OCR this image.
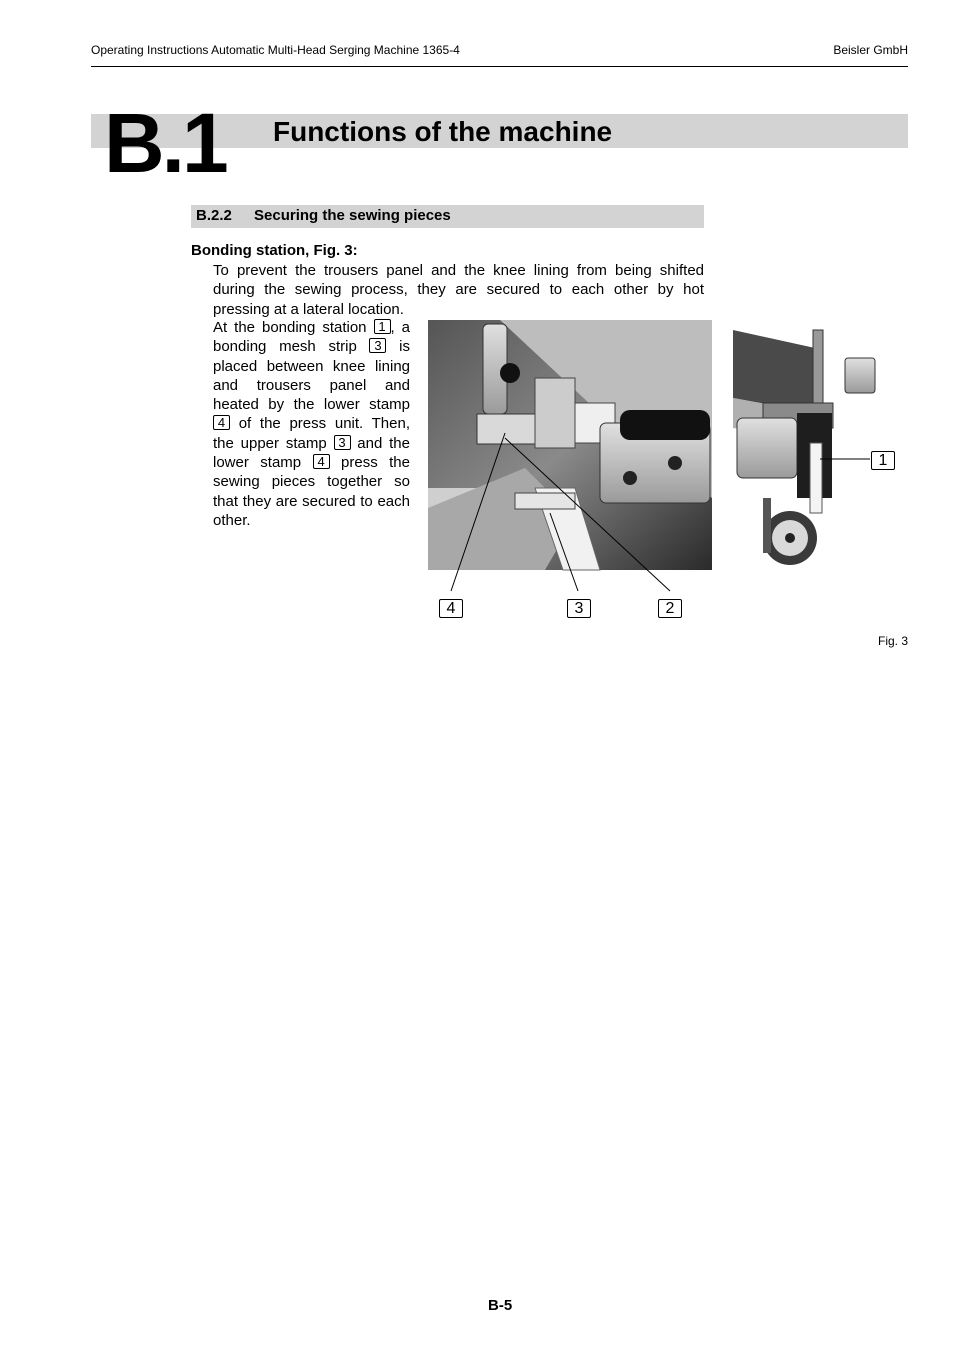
Operating Instructions Automatic Multi-Head Serging Machine 1365-4	Beisler GmbH
B.1 Functions of the machine
B.2.2 Securing the sewing pieces
Bonding station, Fig. 3:

To prevent the trousers panel and the knee lining from being shifted during the sewing process, they are secured to each other by hot pressing at a lateral location.

At the bonding station 1 , a bonding mesh strip 3 is placed between knee lining and trousers panel and heated by the lower stamp 4 of the press unit. Then, the upper stamp 3 and the lower stamp 4 press the sewing pieces together so that they are secured to each other.

4	3	2
1
Fig. 3
B-5
